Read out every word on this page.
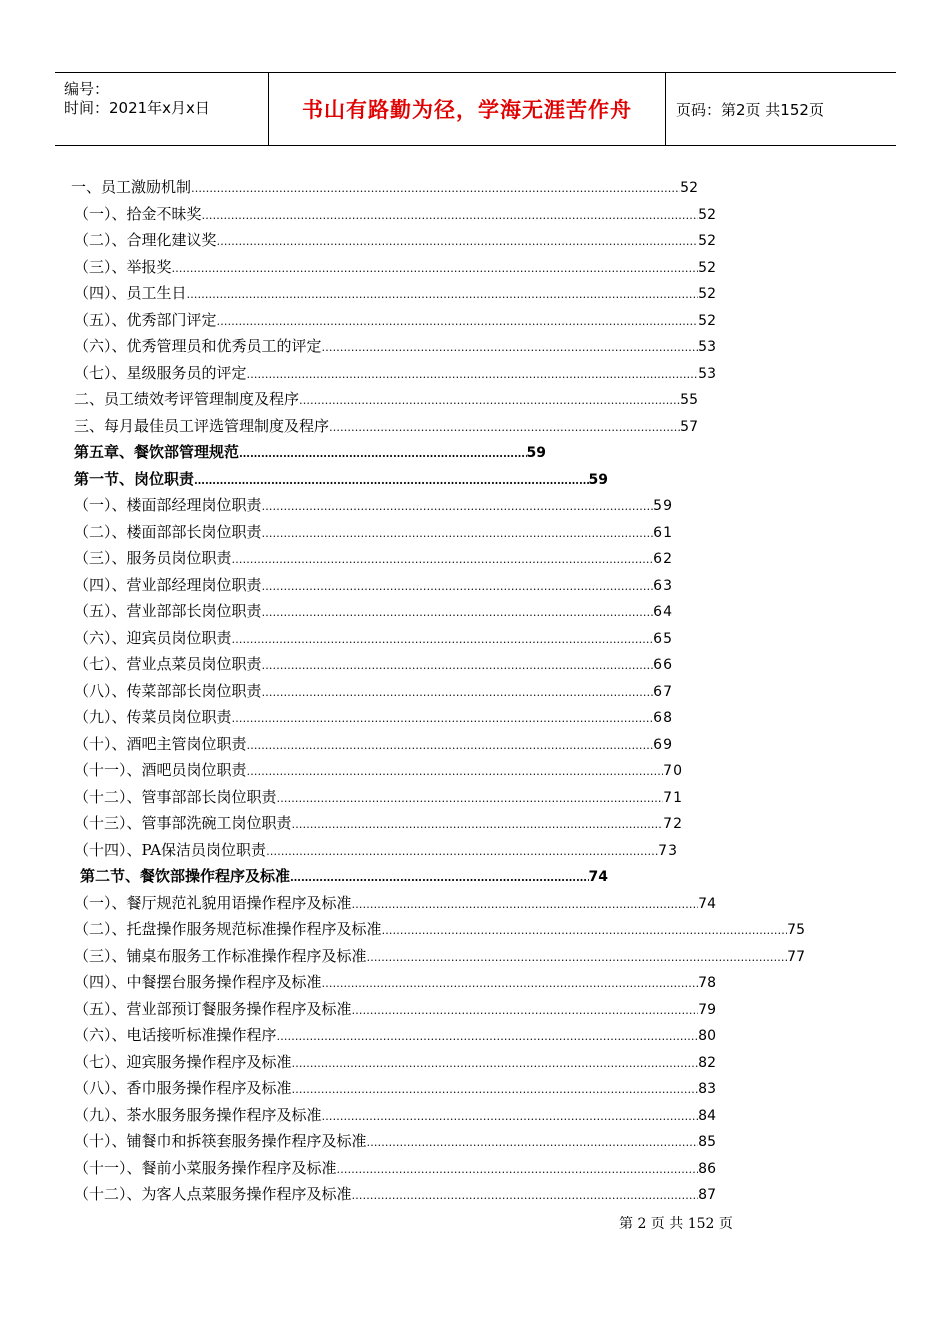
编号：
时间：2021年x月x日	书山有路勤为径，学海无涯苦作舟	页码：第2页 共152页
一、员工激励机制 …………………………………………………………………………………………………………………………………………………………………………………………	52
（一）、拾金不昧奖 …………………………………………………………………………………………………………………………………………………………………………………………	52
（二）、合理化建议奖 …………………………………………………………………………………………………………………………………………………………………………………………	52
（三）、举报奖 …………………………………………………………………………………………………………………………………………………………………………………………	52
（四）、员工生日 …………………………………………………………………………………………………………………………………………………………………………………………	52
（五）、优秀部门评定 …………………………………………………………………………………………………………………………………………………………………………………………	52
（六）、优秀管理员和优秀员工的评定 …………………………………………………………………………………………………………………………………………………………………………………………	53
（七）、星级服务员的评定 …………………………………………………………………………………………………………………………………………………………………………………………	53
二、员工绩效考评管理制度及程序 …………………………………………………………………………………………………………………………………………………………………………………………	55
三、每月最佳员工评选管理制度及程序 …………………………………………………………………………………………………………………………………………………………………………………………	57
第五章、餐饮部管理规范 …………………………………………………………………………………………………………………………………………………………………………………………	59
第一节、岗位职责 …………………………………………………………………………………………………………………………………………………………………………………………	59
（一）、楼面部经理岗位职责 …………………………………………………………………………………………………………………………………………………………………………………………	59
（二）、楼面部部长岗位职责 …………………………………………………………………………………………………………………………………………………………………………………………	61
（三）、服务员岗位职责 …………………………………………………………………………………………………………………………………………………………………………………………	62
（四）、营业部经理岗位职责 …………………………………………………………………………………………………………………………………………………………………………………………	63
（五）、营业部部长岗位职责 …………………………………………………………………………………………………………………………………………………………………………………………	64
（六）、迎宾员岗位职责 …………………………………………………………………………………………………………………………………………………………………………………………	65
（七）、营业点菜员岗位职责 …………………………………………………………………………………………………………………………………………………………………………………………	66
（八）、传菜部部长岗位职责 …………………………………………………………………………………………………………………………………………………………………………………………	67
（九）、传菜员岗位职责 …………………………………………………………………………………………………………………………………………………………………………………………	68
（十）、酒吧主管岗位职责 …………………………………………………………………………………………………………………………………………………………………………………………	69
（十一）、酒吧员岗位职责 …………………………………………………………………………………………………………………………………………………………………………………………	70
（十二）、管事部部长岗位职责 …………………………………………………………………………………………………………………………………………………………………………………………	71
（十三）、管事部洗碗工岗位职责 …………………………………………………………………………………………………………………………………………………………………………………………	72
（十四）、PA保洁员岗位职责 …………………………………………………………………………………………………………………………………………………………………………………………	73
第二节、餐饮部操作程序及标准 …………………………………………………………………………………………………………………………………………………………………………………………	74
（一）、餐厅规范礼貌用语操作程序及标准 …………………………………………………………………………………………………………………………………………………………………………………………	74
（二）、托盘操作服务规范标准操作程序及标准 …………………………………………………………………………………………………………………………………………………………………………………………	75
（三）、铺桌布服务工作标准操作程序及标准 …………………………………………………………………………………………………………………………………………………………………………………………	77
（四）、中餐摆台服务操作程序及标准 …………………………………………………………………………………………………………………………………………………………………………………………	78
（五）、营业部预订餐服务操作程序及标准 …………………………………………………………………………………………………………………………………………………………………………………………	79
（六）、电话接听标准操作程序 …………………………………………………………………………………………………………………………………………………………………………………………	80
（七）、迎宾服务操作程序及标准 …………………………………………………………………………………………………………………………………………………………………………………………	82
（八）、香巾服务操作程序及标准 …………………………………………………………………………………………………………………………………………………………………………………………	83
（九）、茶水服务服务操作程序及标准 …………………………………………………………………………………………………………………………………………………………………………………………	84
（十）、铺餐巾和拆筷套服务操作程序及标准 …………………………………………………………………………………………………………………………………………………………………………………………	85
（十一）、餐前小菜服务操作程序及标准 …………………………………………………………………………………………………………………………………………………………………………………………	86
（十二）、为客人点菜服务操作程序及标准 …………………………………………………………………………………………………………………………………………………………………………………………	87
第 2 页 共 152 页
